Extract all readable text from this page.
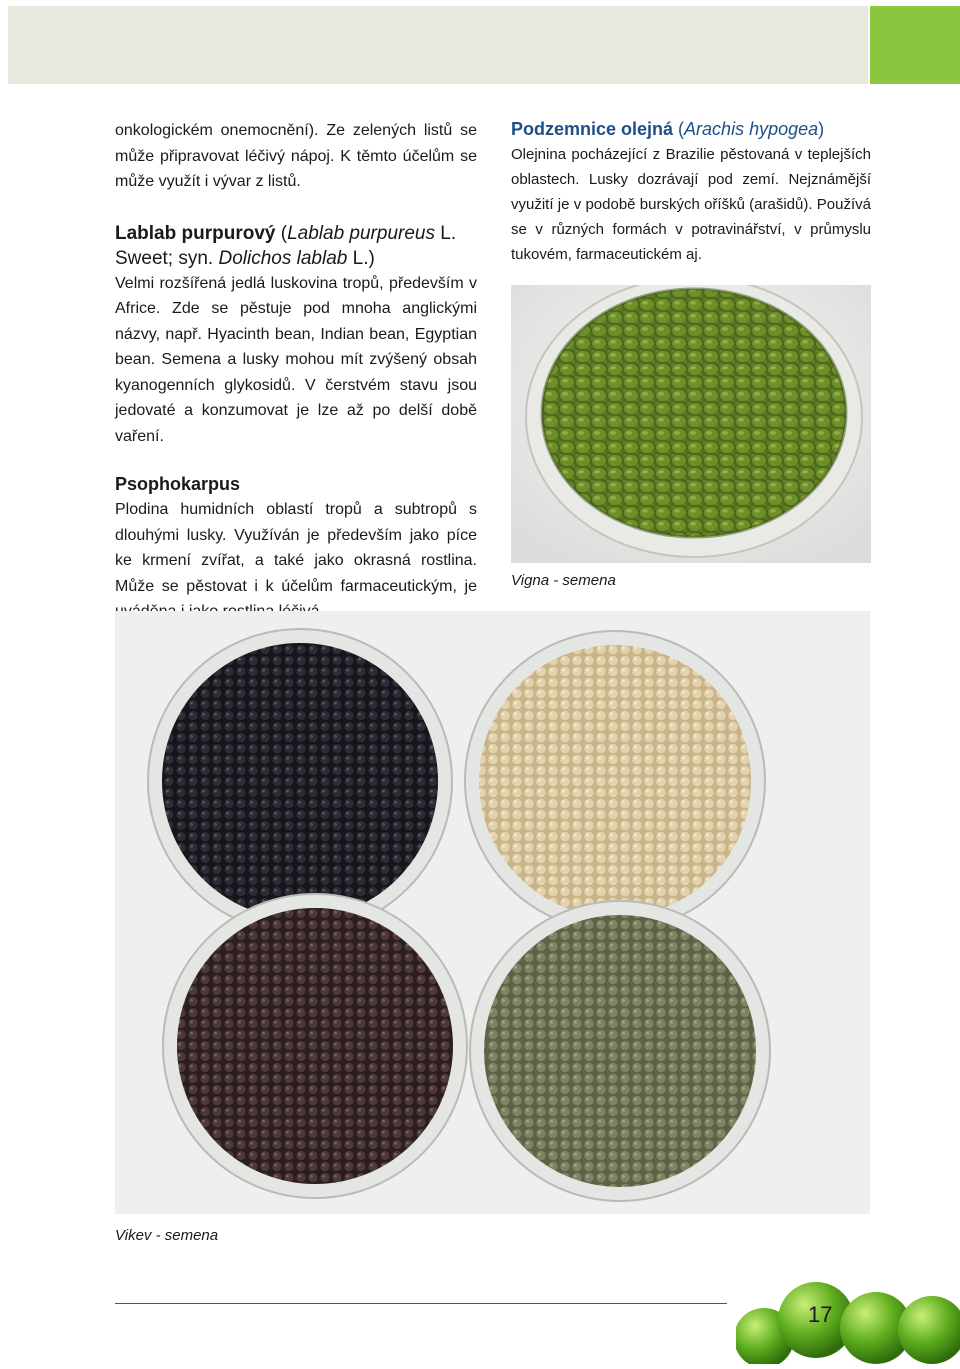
onkologickém onemocnění). Ze zelených listů se může připravovat léčivý nápoj. K těmto účelům se může využít i vývar z listů.

Lablab purpurový (Lablab purpureus L. Sweet; syn. Dolichos lablab L.)

Velmi rozšířená jedlá luskovina tropů, především v Africe. Zde se pěstuje pod mnoha anglickými názvy, např. Hyacinth bean, Indian bean, Egyptian bean. Semena a lusky mohou mít zvýšený obsah kyanogenních glykosidů. V čerstvém stavu jsou jedovaté a konzumovat je lze až po delší době vaření.

Psophokarpus

Plodina humidních oblastí tropů a subtropů s dlouhými lusky. Využíván je především jako píce ke krmení zvířat, a také jako okrasná rostlina. Může se pěstovat i k účelům farmaceutickým, je

Podzemnice olejná (Arachis hypogea)

Olejnina pocházející z Brazilie pěstovaná v teplejších oblastech. Lusky dozrávají pod zemí. Nejznámější využití je v podobě burských oříšků (arašidů). Používá se v různých formách v potravinářství, v průmyslu tukovém, farmaceutickém aj.

Vigna - semena
Vikev - semena
17
